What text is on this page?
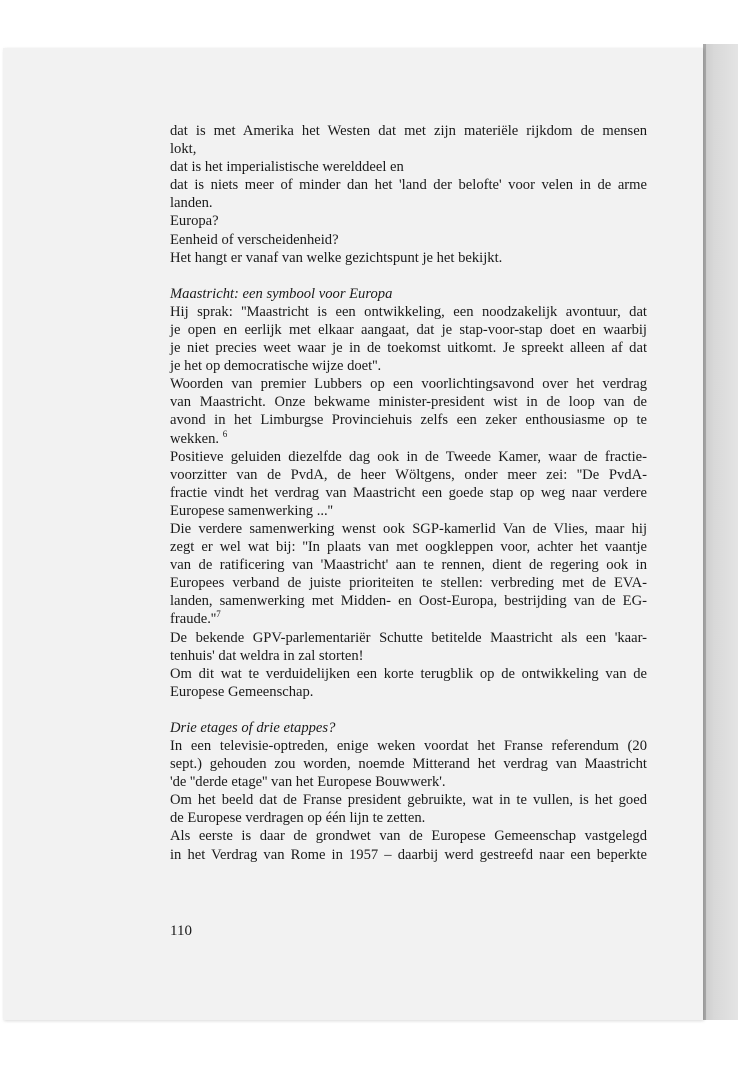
dat is met Amerika het Westen dat met zijn materiële rijkdom de mensen
lokt,
dat is het imperialistische werelddeel en
dat is niets meer of minder dan het 'land der belofte' voor velen in de arme
landen.
Europa?
Eenheid of verscheidenheid?
Het hangt er vanaf van welke gezichtspunt je het bekijkt.
Maastricht: een symbool voor Europa
Hij sprak: ''Maastricht is een ontwikkeling, een noodzakelijk avontuur, dat
je open en eerlijk met elkaar aangaat, dat je stap-voor-stap doet en waarbij
je niet precies weet waar je in de toekomst uitkomt. Je spreekt alleen af dat
je het op democratische wijze doet''.
Woorden van premier Lubbers op een voorlichtingsavond over het verdrag
van Maastricht. Onze bekwame minister-president wist in de loop van de
avond in het Limburgse Provinciehuis zelfs een zeker enthousiasme op te
wekken. $^6$
Positieve geluiden diezelfde dag ook in de Tweede Kamer, waar de fractie-
voorzitter van de PvdA, de heer Wöltgens, onder meer zei: ''De PvdA-
fractie vindt het verdrag van Maastricht een goede stap op weg naar verdere
Europese samenwerking ...''
Die verdere samenwerking wenst ook SGP-kamerlid Van de Vlies, maar hij
zegt er wel wat bij: ''In plaats van met oogkleppen voor, achter het vaantje
van de ratificering van 'Maastricht' aan te rennen, dient de regering ook in
Europees verband de juiste prioriteiten te stellen: verbreding met de EVA-
landen, samenwerking met Midden- en Oost-Europa, bestrijding van de EG-
$fraude.''^7$
De bekende GPV-parlementariër Schutte betitelde Maastricht als een 'kaar-
tenhuis' dat weldra in zal storten!
Om dit wat te verduidelijken een korte terugblik op de ontwikkeling van de
Europese Gemeenschap.
Drie etages of drie etappes?
In een televisie-optreden, enige weken voordat het Franse referendum (20
sept.) gehouden zou worden, noemde Mitterand het verdrag van Maastricht
'de ''derde etage'' van het Europese Bouwwerk'.
Om het beeld dat de Franse president gebruikte, wat in te vullen, is het goed
de Europese verdragen op één lijn te zetten.
Als eerste is daar de grondwet van de Europese Gemeenschap vastgelegd
in het Verdrag van Rome in 1957 – daarbij werd gestreefd naar een beperkte
110
